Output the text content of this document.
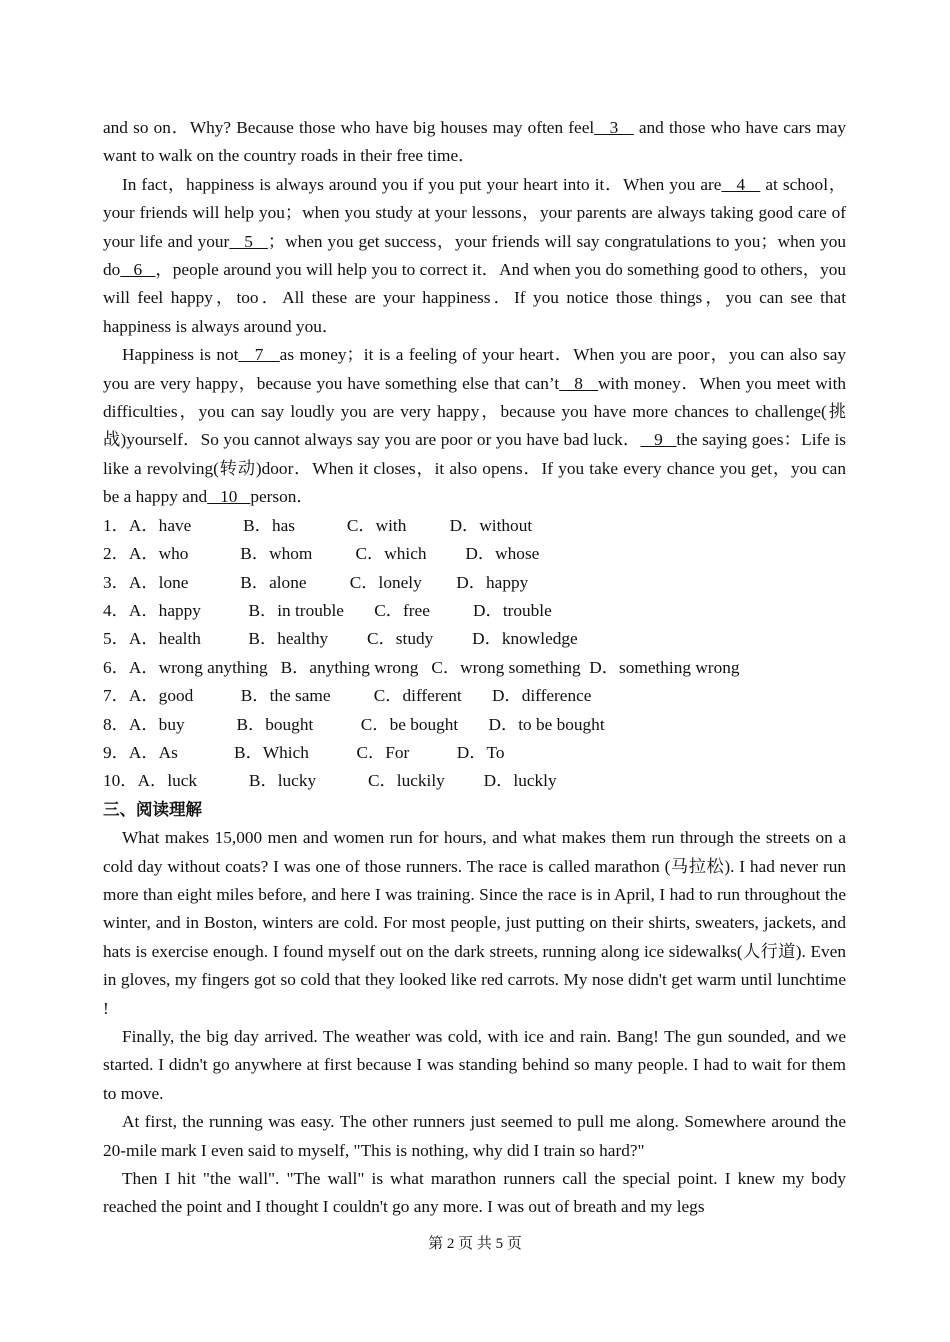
and so on．Why? Because those who have big houses may often feel   3    and those who have cars may want to walk on the country roads in their free time．

In fact，happiness is always around you if you put your heart into it．When you are   4    at school，your friends will help you；when you study at your lessons，your parents are always taking good care of your life and your   5   ；when you get success，your friends will say congratulations to you；when you do   6   ，people around you will help you to correct it．And when you do something good to others，you will feel happy，too．All these are your happiness．If you notice those things，you can see that happiness is always around you．

Happiness is not   7   as money；it is a feeling of your heart．When you are poor，you can also say you are very happy，because you have something else that can’t   8   with money．When you meet with difficulties，you can say loudly you are very happy，because you have more chances to challenge(挑战)yourself．So you cannot always say you are poor or you have bad luck．   9   the saying goes：Life is like a revolving(转动)door．When it closes，it also opens．If you take every chance you get，you can be a happy and   10   person．

1．A．have            B．has            C．with          D．without

2．A．who            B．whom          C．which         D．whose

3．A．lone            B．alone          C．lonely        D．happy

4．A．happy           B．in trouble       C．free          D．trouble

5．A．health           B．healthy         C．study         D．knowledge

6．A．wrong anything   B．anything wrong   C．wrong something  D．something wrong

7．A．good           B．the same          C．different       D．difference

8．A．buy            B．bought           C．be bought       D．to be bought

9．A．As             B．Which           C．For           D．To

10．A．luck            B．lucky            C．luckily         D．luckly

三、阅读理解

What makes 15,000 men and women run for hours, and what makes them run through the streets on a cold day without coats? I was one of those runners. The race is called marathon (马拉松). I had never run more than eight miles before, and here I was training. Since the race is in April, I had to run throughout the winter, and in Boston, winters are cold. For most people, just putting on their shirts, sweaters, jackets, and hats is exercise enough. I found myself out on the dark streets, running along ice sidewalks(人行道). Even in gloves, my fingers got so cold that they looked like red carrots. My nose didn't get warm until lunchtime !

Finally, the big day arrived. The weather was cold, with ice and rain. Bang! The gun sounded, and we started. I didn't go anywhere at first because I was standing behind so many people. I had to wait for them to move.

At first, the running was easy. The other runners just seemed to pull me along. Somewhere around the 20-mile mark I even said to myself, "This is nothing, why did I train so hard?"

Then I hit "the wall". "The wall" is what marathon runners call the special point. I knew my body reached the point and I thought I couldn't go any more. I was out of breath and my legs

第 2 页 共 5 页
